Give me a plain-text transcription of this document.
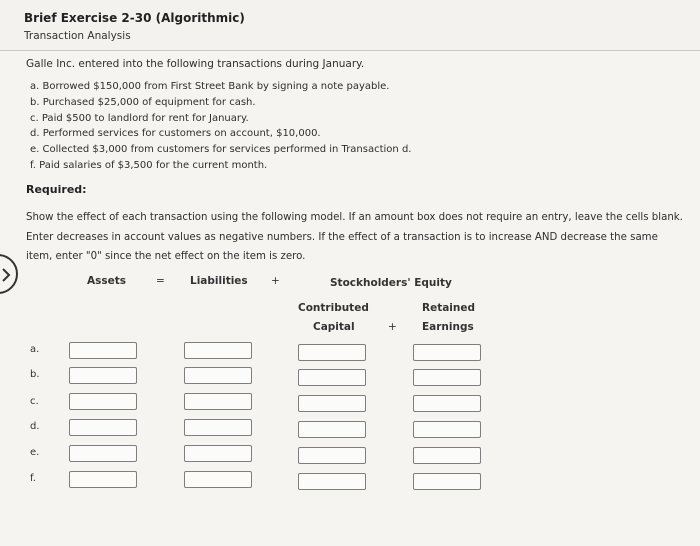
Brief Exercise 2-30 (Algorithmic)
Transaction Analysis
Galle Inc. entered into the following transactions during January.
a. Borrowed $150,000 from First Street Bank by signing a note payable.
b. Purchased $25,000 of equipment for cash.
c. Paid $500 to landlord for rent for January.
d. Performed services for customers on account, $10,000.
e. Collected $3,000 from customers for services performed in Transaction d.
f. Paid salaries of $3,500 for the current month.
Required:
Show the effect of each transaction using the following model. If an amount box does not require an entry, leave the cells blank. Enter decreases in account values as negative numbers. If the effect of a transaction is to increase AND decrease the same item, enter "0" since the net effect on the item is zero.
Assets	= Liabilities +	Stockholders' Equity
Contributed
Capital	+
Retained
Earnings
a.
b.
c.
d.
e.
f.
